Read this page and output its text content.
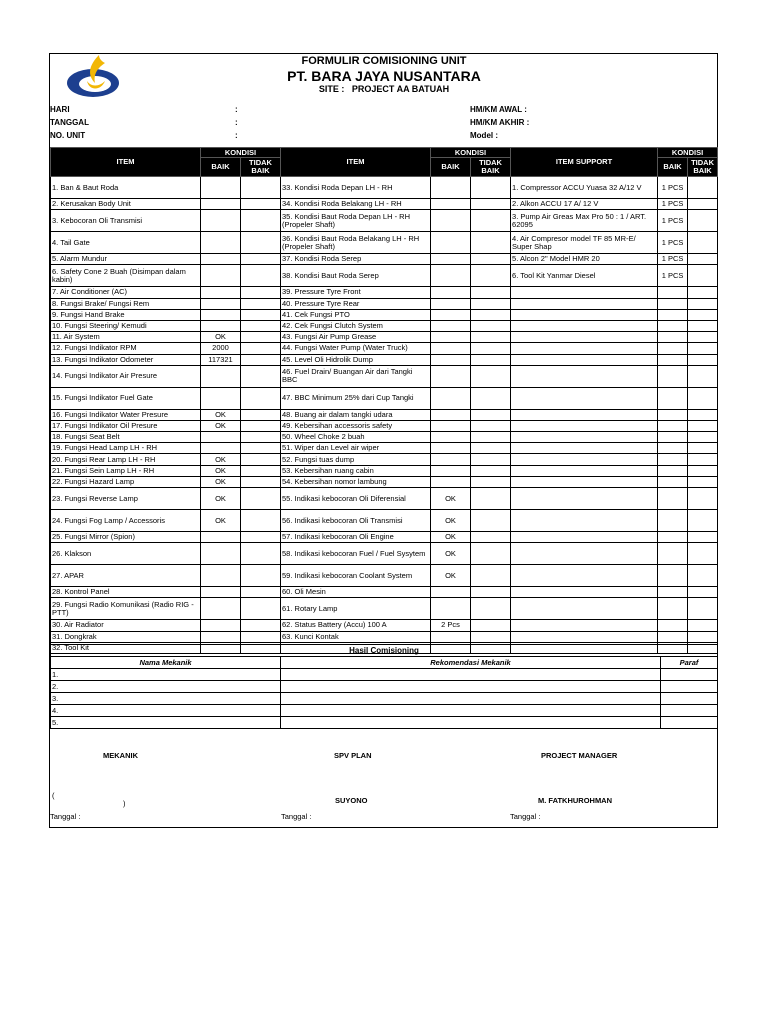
FORMULIR COMISIONING UNIT
PT. BARA JAYA NUSANTARA
SITE :   PROJECT AA BATUAH
HARI	:
TANGGAL	:
NO. UNIT	:
HM/KM AWAL :
HM/KM AKHIR :
Model :
ITEM	KONDISI		ITEM	KONDISI		ITEM SUPPORT	KONDISI	
	BAIK	TIDAK BAIK		BAIK	TIDAK BAIK		BAIK	TIDAK BAIK
1. Ban & Baut Roda			33. Kondisi Roda Depan LH - RH			1. Compressor ACCU Yuasa 32 A/12 V	1 PCS	
2. Kerusakan Body Unit			34. Kondisi Roda Belakang LH - RH			2. Alkon ACCU 17 A/ 12 V	1 PCS	
3. Kebocoran Oli Transmisi			35. Kondisi Baut Roda Depan LH - RH (Propeler Shaft)			3. Pump Air Greas Max Pro 50 : 1 / ART. 62095	1 PCS	
4. Tail Gate			36. Kondisi Baut Roda Belakang LH - RH (Propeler Shaft)			4. Air Compresor model TF 85 MR-E/ Super Shap	1 PCS	
5. Alarm Mundur			37. Kondisi Roda Serep			5. Alcon 2" Model HMR 20	1 PCS	
6. Safety Cone 2 Buah (Disimpan dalam kabin)			38. Kondisi Baut Roda Serep			6. Tool Kit Yanmar Diesel	1 PCS	
7. Air Conditioner (AC)			39. Pressure Tyre Front					
8. Fungsi Brake/ Fungsi Rem			40. Pressure Tyre Rear					
9. Fungsi Hand Brake			41. Cek Fungsi PTO					
10. Fungsi Steering/ Kemudi			42. Cek Fungsi Clutch System					
11. Air System	OK		43. Fungsi Air Pump Grease					
12. Fungsi Indikator RPM	2000		44. Fungsi Water Pump (Water Truck)					
13. Fungsi Indikator Odometer	117321		45. Level Oli Hidrolik Dump					
14. Fungsi Indikator Air Presure			46. Fuel Drain/ Buangan Air dari Tangki BBC					
15. Fungsi Indikator Fuel Gate			47. BBC Minimum 25% dari Cup Tangki					
16. Fungsi Indikator Water Presure	OK		48. Buang air dalam tangki udara					
17. Fungsi Indikator Oil Presure	OK		49. Kebersihan accessoris safety					
18. Fungsi Seat Belt			50. Wheel Choke 2 buah					
19. Fungsi Head Lamp LH - RH			51. Wiper dan Level air wiper					
20. Fungsi Rear Lamp LH - RH	OK		52. Fungsi tuas dump					
21. Fungsi Sein Lamp LH - RH	OK		53. Kebersihan ruang cabin					
22. Fungsi Hazard Lamp	OK		54. Kebersihan nomor lambung					
23. Fungsi Reverse Lamp	OK		55. Indikasi kebocoran Oli Diferensial	OK				
24. Fungsi Fog Lamp / Accessoris	OK		56. Indikasi kebocoran Oli Transmisi	OK				
25. Fungsi Mirror (Spion)			57. Indikasi kebocoran Oli Engine	OK				
26. Klakson			58. Indikasi kebocoran Fuel / Fuel Sysytem	OK				
27. APAR			59. Indikasi kebocoran Coolant System	OK				
28. Kontrol Panel			60. Oli Mesin					
29. Fungsi Radio Komunikasi (Radio RIG - PTT)			61. Rotary Lamp					
30. Air Radiator			62. Status Battery (Accu) 100 A	2 Pcs				
31. Dongkrak			63. Kunci Kontak					
32. Tool Kit									Hasil Comisioning		
Nama Mekanik	Rekomendasi Mekanik	Paraf
1.		
2.		
3.		
4.		
5.		
MEKANIK	SPV PLAN	PROJECT MANAGER
(
)	SUYONO	M. FATKHUROHMAN
Tanggal :	Tanggal :	Tanggal :
